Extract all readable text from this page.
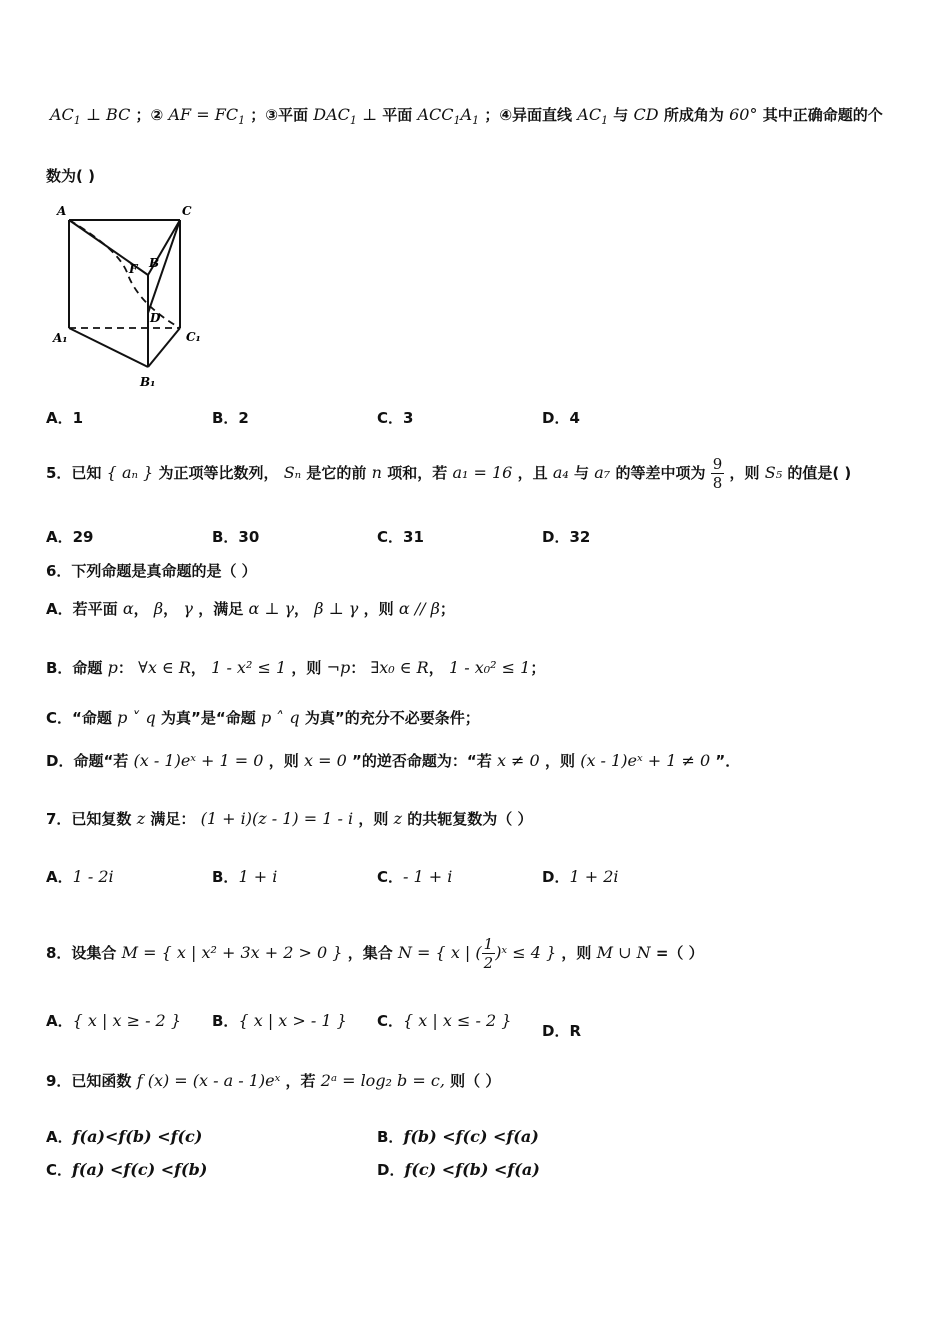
$AC_1$ ⊥ BC ；② AF = $FC_1$ ；③平面 $DAC_1$ ⊥ 平面 $ACC_1A_1$ ；④异面直线 $AC_1$ 与 CD 所成角为 60° 其中正确命题的个
数为( )
A	C
B
F
D
A₁	C₁
B₁
A．1	B．2	C．3	D．4
5．已知 { aₙ } 为正项等比数列， Sₙ 是它的前 n 项和，若 a₁ = 16 ，且 a₄ 与 a₇ 的等差中项为 $\frac{9}{8}$ ，则 S₅ 的值是( )
A．29	B．30	C．31	D．32
6．下列命题是真命题的是（ ）
A．若平面 α， β， γ ，满足 α ⊥ γ， β ⊥ γ ，则 α // β；
B．命题 p： ∀x ∈ R， 1 - x² ≤ 1 ，则 ¬p： ∃x₀ ∈ R， 1 - x₀² ≤ 1；
C．“命题 p ˅ q 为真”是“命题 p ˄ q 为真”的充分不必要条件；
D．命题“若 (x - 1)eˣ + 1 = 0 ，则 x = 0 ”的逆否命题为：“若 x ≠ 0 ，则 (x - 1)eˣ + 1 ≠ 0 ”．
7．已知复数 z 满足： (1 + i)(z - 1) = 1 - i ，则 z 的共轭复数为（ ）
A．1 - 2i	B．1 + i	C．- 1 + i	D．1 + 2i
8．设集合 M = { x | x² + 3x + 2 > 0 } ，集合 N = { x | ( $\frac{1}{2}$ )ˣ ≤ 4 } ，则 M ∪ N =（ ）
A．{ x | x ≥ - 2 } B．{ x | x > - 1 } C．{ x | x ≤ - 2 }
D．R
9．已知函数 f (x) = (x - a - 1)eˣ ，若 2ᵃ = log₂ b = c, 则（ ）
A．f(a)<f(b) <f(c)	B．f(b) <f(c) <f(a)
C．f(a) <f(c) <f(b)	D．f(c) <f(b) <f(a)
